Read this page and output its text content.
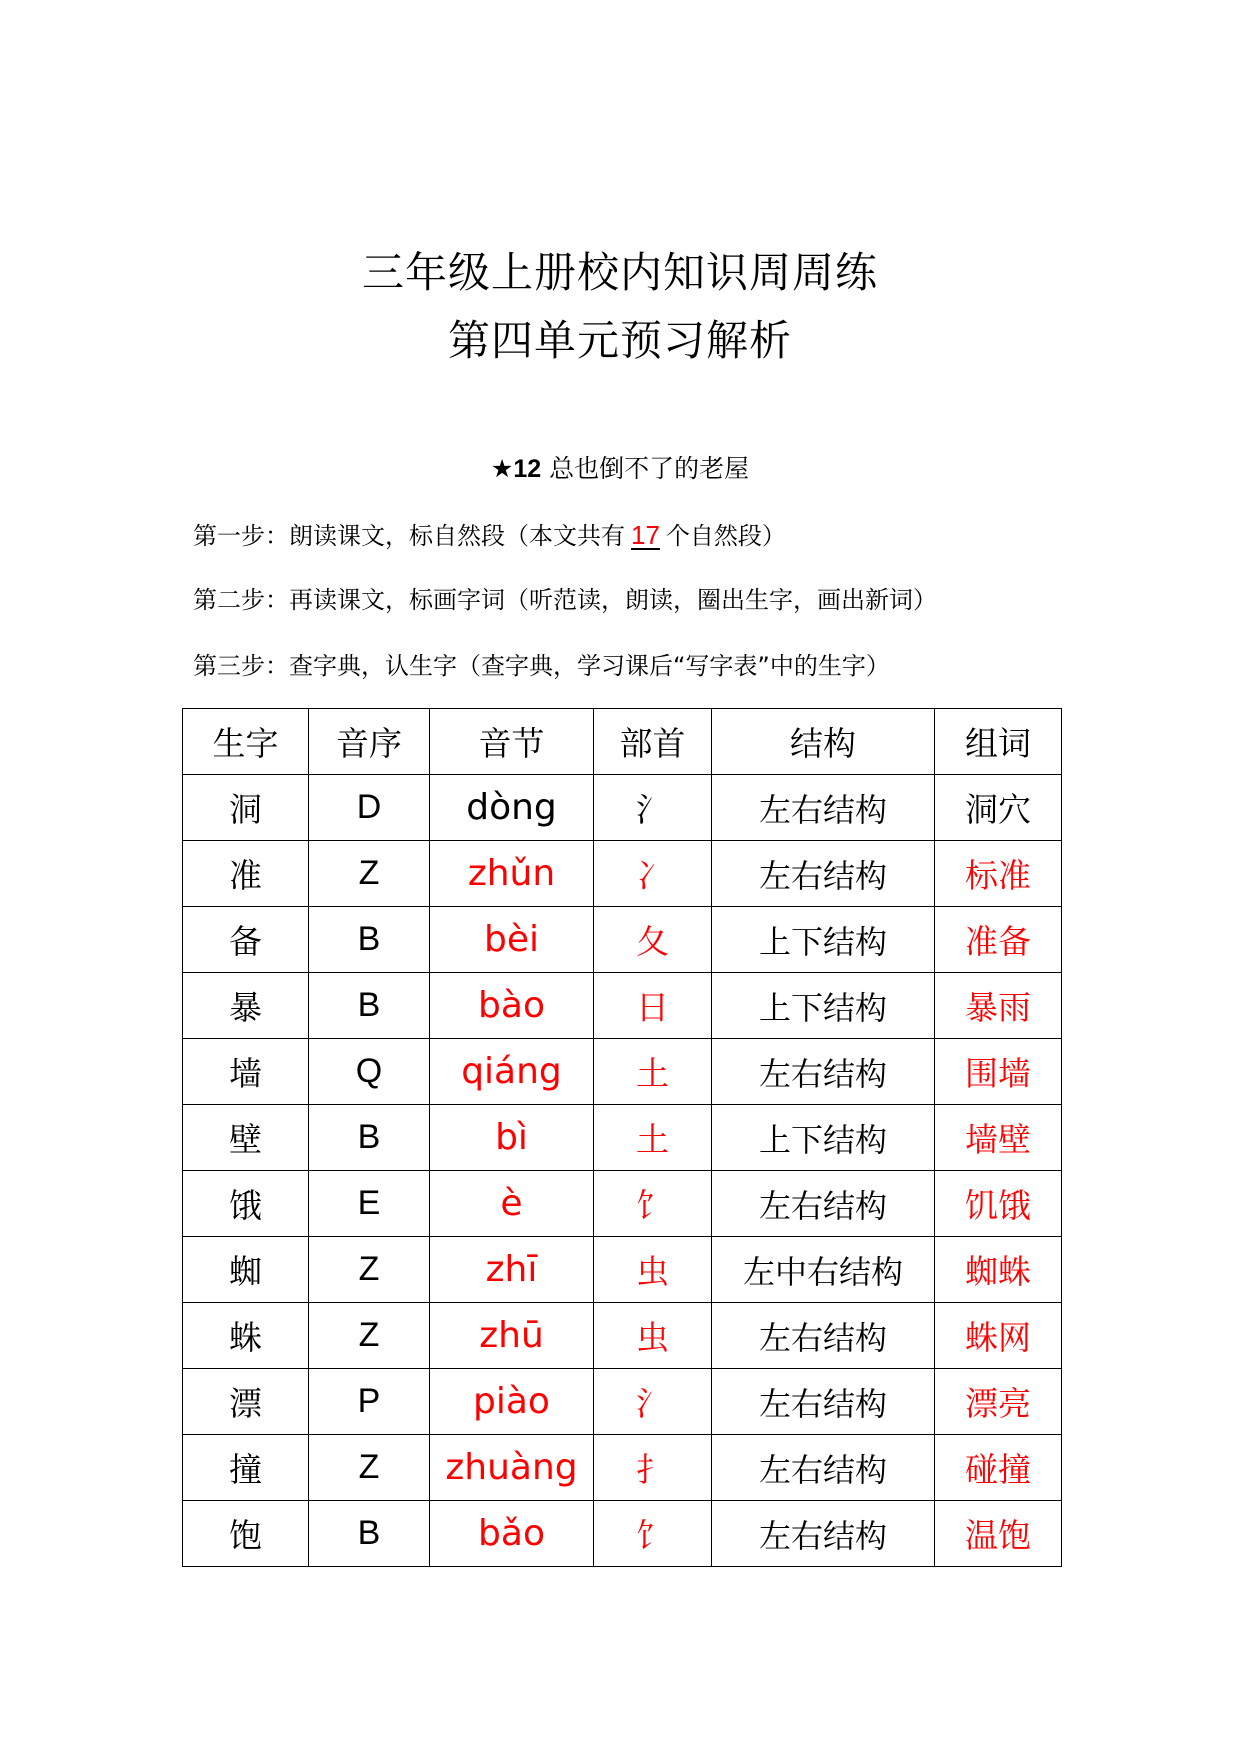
三年级上册校内知识周周练
第四单元预习解析
★12 总也倒不了的老屋
第一步：朗读课文，标自然段（本文共有 17 个自然段）
第二步：再读课文，标画字词（听范读，朗读，圈出生字，画出新词）
第三步：查字典，认生字（查字典，学习课后“写字表”中的生字）
生字	音序	音节	部首	结构	组词
洞	D	dòng	氵	左右结构	洞穴
准	Z	zhǔn	冫	左右结构	标准
备	B	bèi	夂	上下结构	准备
暴	B	bào	日	上下结构	暴雨
墙	Q	qiáng	土	左右结构	围墙
壁	B	bì	土	上下结构	墙壁
饿	E	è	饣	左右结构	饥饿
蜘	Z	zhī	虫	左中右结构	蜘蛛
蛛	Z	zhū	虫	左右结构	蛛网
漂	P	piào	氵	左右结构	漂亮
撞	Z	zhuàng	扌	左右结构	碰撞
饱	B	bǎo	饣	左右结构	温饱
